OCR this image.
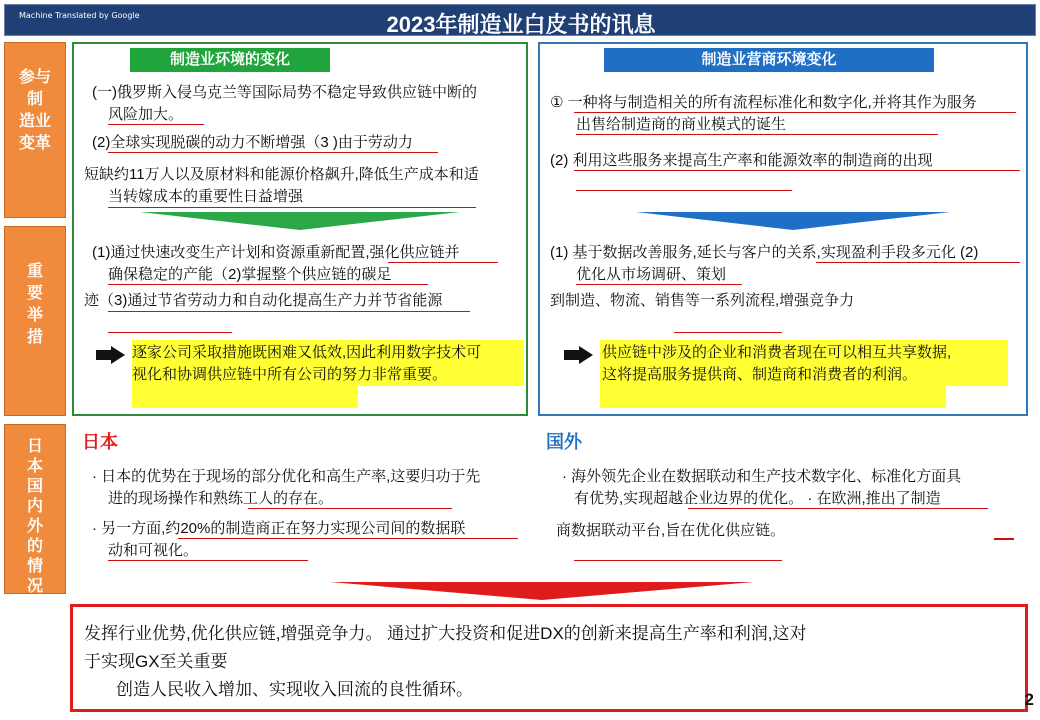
Machine Translated by Google	2023年制造业白皮书的讯息
参与制
造业变革
重要举措
日本国内外的情况
制造业环境的变化
(一)俄罗斯入侵乌克兰等国际局势不稳定导致供应链中断的
风险加大。
(2)全球实现脱碳的动力不断增强（3 )由于劳动力
短缺约11万人以及原材料和能源价格飙升,降低生产成本和适
当转嫁成本的重要性日益增强
(1)通过快速改变生产计划和资源重新配置,强化供应链并
确保稳定的产能（2)掌握整个供应链的碳足
迹（3)通过节省劳动力和自动化提高生产力并节省能源
逐家公司采取措施既困难又低效,因此利用数字技术可
视化和协调供应链中所有公司的努力非常重要。
制造业营商环境变化
① 一种将与制造相关的所有流程标准化和数字化,并将其作为服务
出售给制造商的商业模式的诞生
(2) 利用这些服务来提高生产率和能源效率的制造商的出现
(1) 基于数据改善服务,延长与客户的关系,实现盈利手段多元化 (2)
优化从市场调研、策划
到制造、物流、销售等一系列流程,增强竞争力
供应链中涉及的企业和消费者现在可以相互共享数据,
这将提高服务提供商、制造商和消费者的利润。
日本
· 日本的优势在于现场的部分优化和高生产率,这要归功于先
进的现场操作和熟练工人的存在。
· 另一方面,约20%的制造商正在努力实现公司间的数据联
动和可视化。
国外
· 海外领先企业在数据联动和生产技术数字化、标准化方面具
有优势,实现超越企业边界的优化。 · 在欧洲,推出了制造
商数据联动平台,旨在优化供应链。
发挥行业优势,优化供应链,增强竞争力。 通过扩大投资和促进DX的创新来提高生产率和利润,这对
于实现GX至关重要
创造人民收入增加、实现收入回流的良性循环。
2
